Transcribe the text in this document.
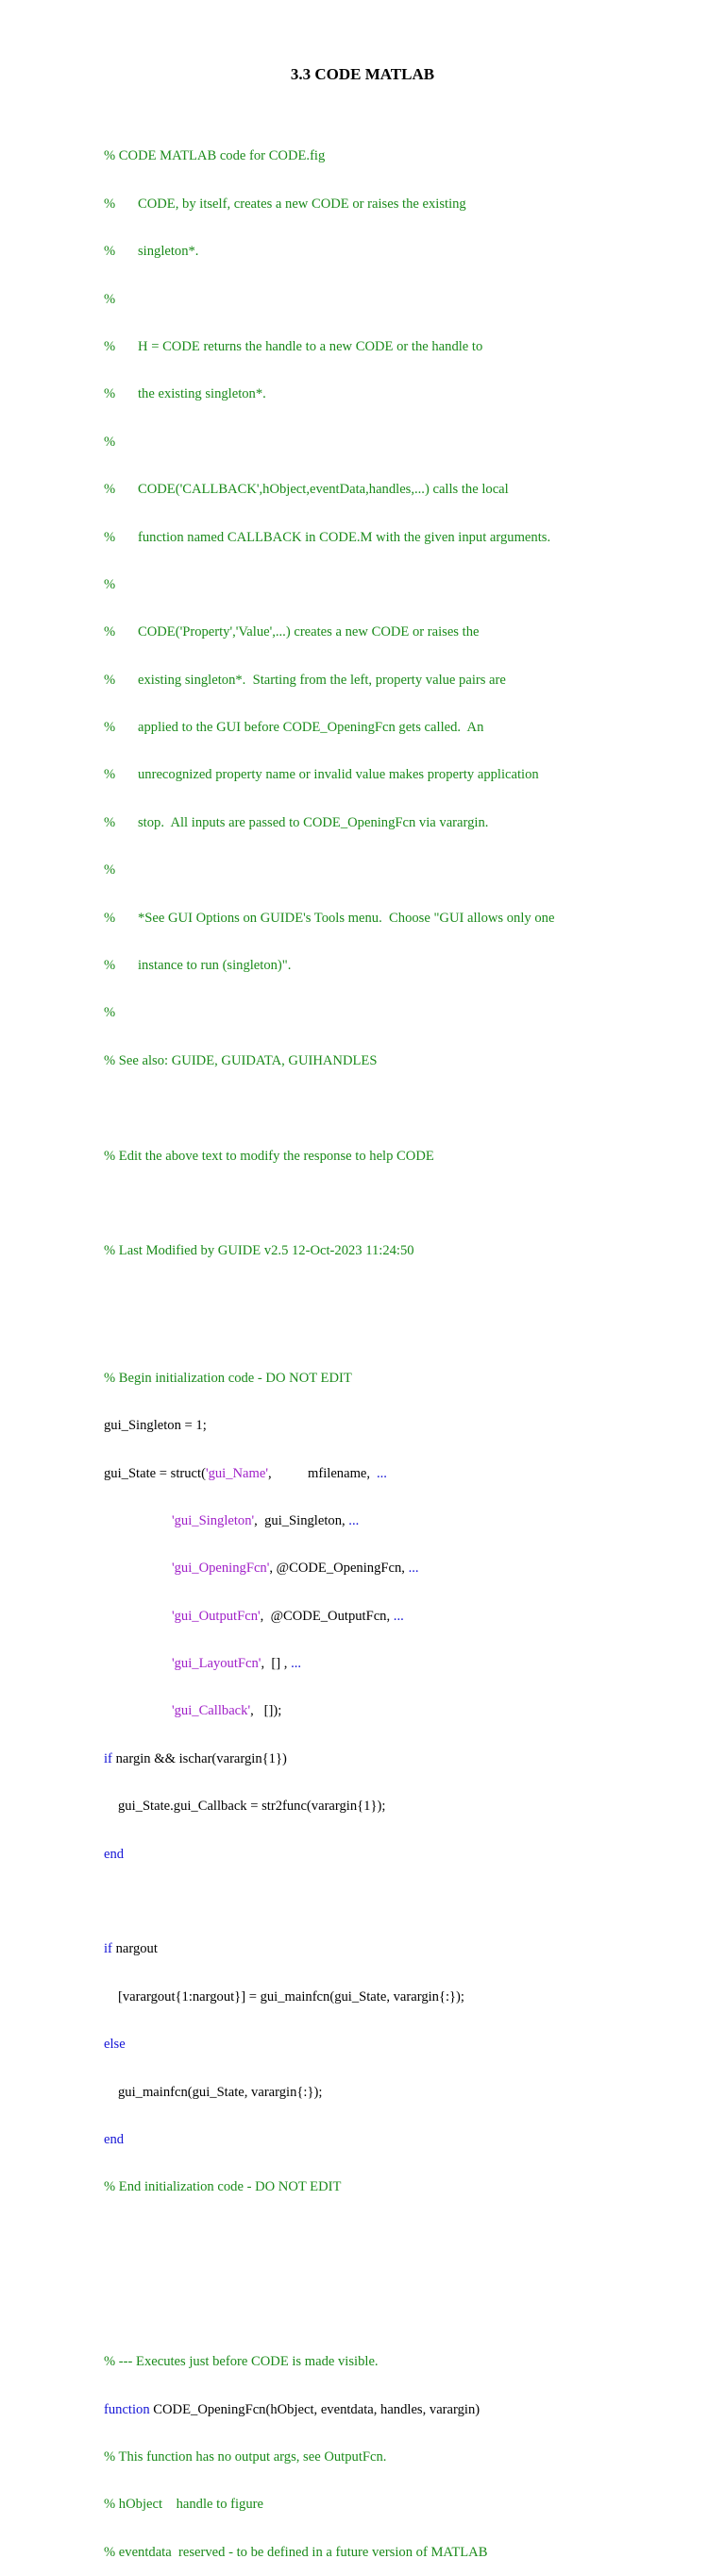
3.3 CODE MATLAB

% CODE MATLAB code for CODE.fig

% CODE, by itself, creates a new CODE or raises the existing

% singleton*.

%

% H = CODE returns the handle to a new CODE or the handle to

% the existing singleton*.

%

% CODE('CALLBACK',hObject,eventData,handles,...) calls the local

% function named CALLBACK in CODE.M with the given input arguments.

%

% CODE('Property','Value',...) creates a new CODE or raises the

% existing singleton*.  Starting from the left, property value pairs are

% applied to the GUI before CODE_OpeningFcn gets called.  An

% unrecognized property name or invalid value makes property application

% stop.  All inputs are passed to CODE_OpeningFcn via varargin.

%

% *See GUI Options on GUIDE's Tools menu.  Choose "GUI allows only one

% instance to run (singleton)".

%

% See also: GUIDE, GUIDATA, GUIHANDLES

% Edit the above text to modify the response to help CODE

% Last Modified by GUIDE v2.5 12-Oct-2023 11:24:50

% Begin initialization code - DO NOT EDIT

gui_Singleton = 1;

gui_State = struct('gui_Name',	mfilename, ...

'gui_Singleton',  gui_Singleton, ...

'gui_OpeningFcn', @CODE_OpeningFcn, ...

'gui_OutputFcn',  @CODE_OutputFcn, ...

'gui_LayoutFcn',  [] , ...

'gui_Callback',   []);

if nargin && ischar(varargin{1})

gui_State.gui_Callback = str2func(varargin{1});

end

if nargout

[varargout{1:nargout}] = gui_mainfcn(gui_State, varargin{:});

else

gui_mainfcn(gui_State, varargin{:});

end

% End initialization code - DO NOT EDIT

% --- Executes just before CODE is made visible.

function CODE_OpeningFcn(hObject, eventdata, handles, varargin)

% This function has no output args, see OutputFcn.

% hObject    handle to figure

% eventdata  reserved - to be defined in a future version of MATLAB
